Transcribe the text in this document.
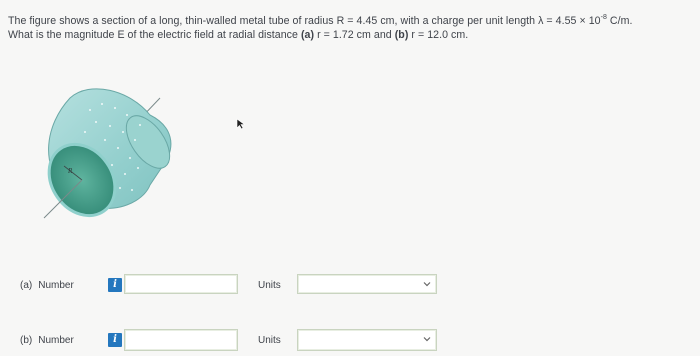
The figure shows a section of a long, thin-walled metal tube of radius R = 4.45 cm, with a charge per unit length $\lambda = 4.55 \times 10^{-8}$ C/m.
What is the magnitude E of the electric field at radial distance (a) r = 1.72 cm and (b) r = 12.0 cm.
R
(a) Number	i	Units
(b) Number	i	Units
